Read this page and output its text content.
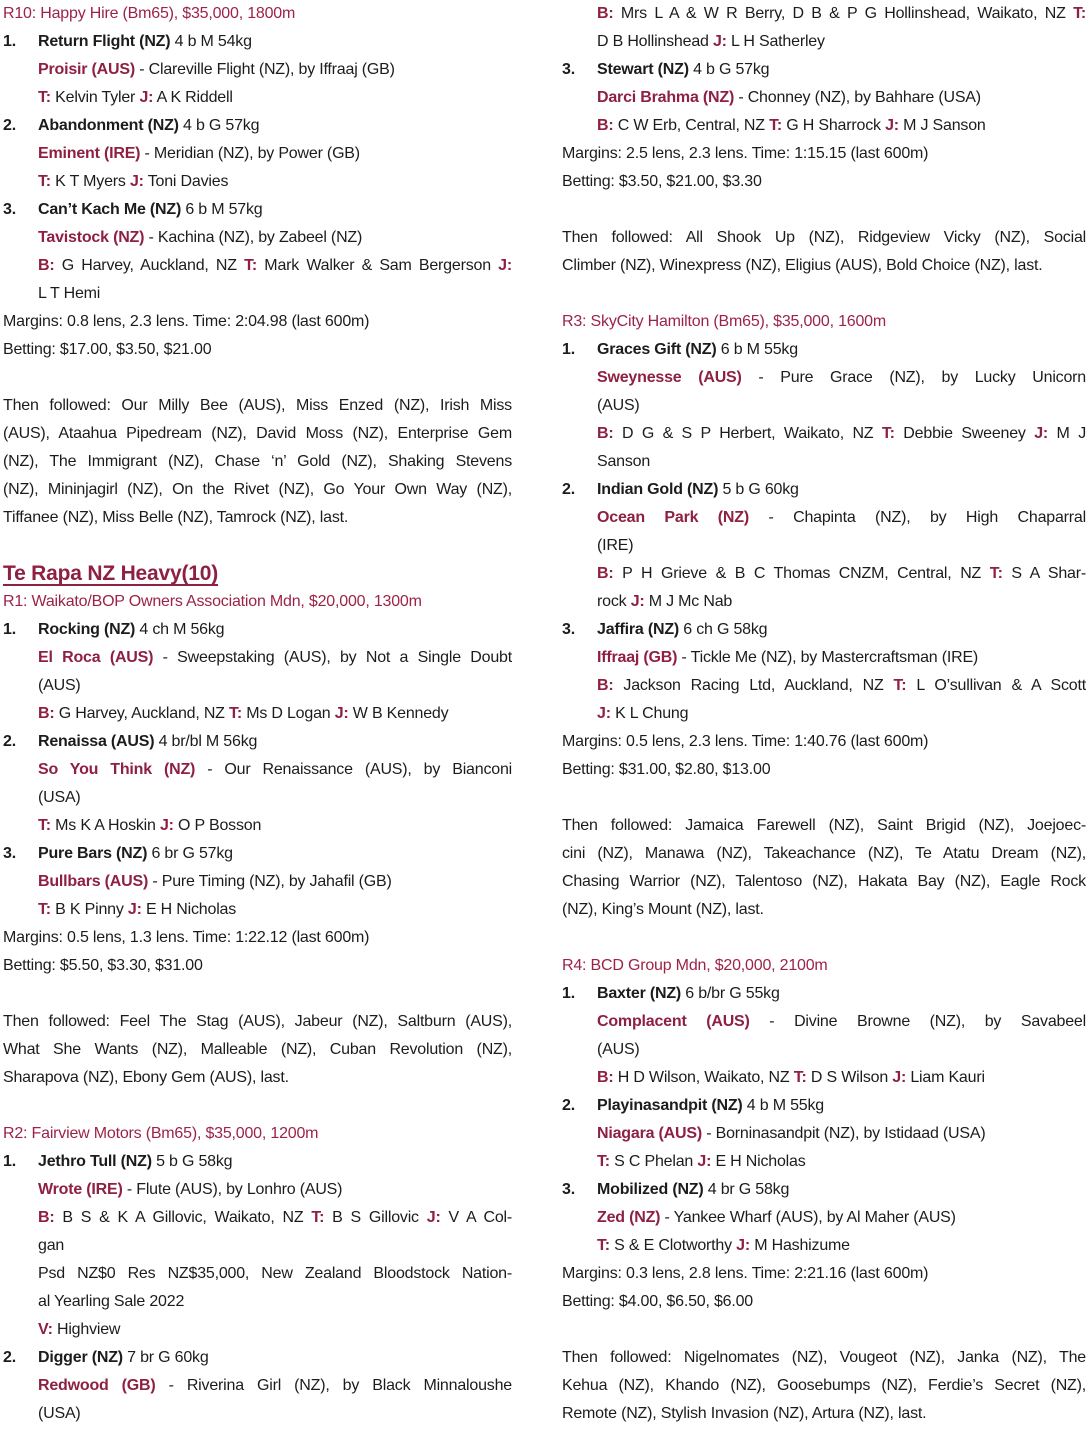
R10: Happy Hire (Bm65), $35,000, 1800m
1. Return Flight (NZ) 4 b M 54kg
Proisir (AUS) - Clareville Flight (NZ), by Iffraaj (GB)
T: Kelvin Tyler J: A K Riddell
2. Abandonment (NZ) 4 b G 57kg
Eminent (IRE) - Meridian (NZ), by Power (GB)
T: K T Myers J: Toni Davies
3. Can’t Kach Me (NZ) 6 b M 57kg
Tavistock (NZ) - Kachina (NZ), by Zabeel (NZ)
B: G Harvey, Auckland, NZ T: Mark Walker & Sam Bergerson J:
L T Hemi
Margins: 0.8 lens, 2.3 lens. Time: 2:04.98 (last 600m)
Betting: $17.00, $3.50, $21.00
Then followed: Our Milly Bee (AUS), Miss Enzed (NZ), Irish Miss
(AUS), Ataahua Pipedream (NZ), David Moss (NZ), Enterprise Gem
(NZ), The Immigrant (NZ), Chase ‘n’ Gold (NZ), Shaking Stevens
(NZ), Mininjagirl (NZ), On the Rivet (NZ), Go Your Own Way (NZ),
Tiffanee (NZ), Miss Belle (NZ), Tamrock (NZ), last.
Te Rapa NZ Heavy(10)
R1: Waikato/BOP Owners Association Mdn, $20,000, 1300m
1. Rocking (NZ) 4 ch M 56kg
El Roca (AUS) - Sweepstaking (AUS), by Not a Single Doubt
(AUS)
B: G Harvey, Auckland, NZ T: Ms D Logan J: W B Kennedy
2. Renaissa (AUS) 4 br/bl M 56kg
So You Think (NZ) - Our Renaissance (AUS), by Bianconi
(USA)
T: Ms K A Hoskin J: O P Bosson
3. Pure Bars (NZ) 6 br G 57kg
Bullbars (AUS) - Pure Timing (NZ), by Jahafil (GB)
T: B K Pinny J: E H Nicholas
Margins: 0.5 lens, 1.3 lens. Time: 1:22.12 (last 600m)
Betting: $5.50, $3.30, $31.00
Then followed: Feel The Stag (AUS), Jabeur (NZ), Saltburn (AUS),
What She Wants (NZ), Malleable (NZ), Cuban Revolution (NZ),
Sharapova (NZ), Ebony Gem (AUS), last.
R2: Fairview Motors (Bm65), $35,000, 1200m
1. Jethro Tull (NZ) 5 b G 58kg
Wrote (IRE) - Flute (AUS), by Lonhro (AUS)
B: B S & K A Gillovic, Waikato, NZ T: B S Gillovic J: V A Col-
gan
Psd NZ$0 Res NZ$35,000, New Zealand Bloodstock Nation-
al Yearling Sale 2022
V: Highview
2. Digger (NZ) 7 br G 60kg
Redwood (GB) - Riverina Girl (NZ), by Black Minnaloushe
(USA)
B: Mrs L A & W R Berry, D B & P G Hollinshead, Waikato, NZ T:
D B Hollinshead J: L H Satherley
3. Stewart (NZ) 4 b G 57kg
Darci Brahma (NZ) - Chonney (NZ), by Bahhare (USA)
B: C W Erb, Central, NZ T: G H Sharrock J: M J Sanson
Margins: 2.5 lens, 2.3 lens. Time: 1:15.15 (last 600m)
Betting: $3.50, $21.00, $3.30
Then followed: All Shook Up (NZ), Ridgeview Vicky (NZ), Social
Climber (NZ), Winexpress (NZ), Eligius (AUS), Bold Choice (NZ), last.
R3: SkyCity Hamilton (Bm65), $35,000, 1600m
1. Graces Gift (NZ) 6 b M 55kg
Sweynesse (AUS) - Pure Grace (NZ), by Lucky Unicorn
(AUS)
B: D G & S P Herbert, Waikato, NZ T: Debbie Sweeney J: M J
Sanson
2. Indian Gold (NZ) 5 b G 60kg
Ocean Park (NZ) - Chapinta (NZ), by High Chaparral
(IRE)
B: P H Grieve & B C Thomas CNZM, Central, NZ T: S A Shar-
rock J: M J Mc Nab
3. Jaffira (NZ) 6 ch G 58kg
Iffraaj (GB) - Tickle Me (NZ), by Mastercraftsman (IRE)
B: Jackson Racing Ltd, Auckland, NZ T: L O’sullivan & A Scott
J: K L Chung
Margins: 0.5 lens, 2.3 lens. Time: 1:40.76 (last 600m)
Betting: $31.00, $2.80, $13.00
Then followed: Jamaica Farewell (NZ), Saint Brigid (NZ), Joejoec-
cini (NZ), Manawa (NZ), Takeachance (NZ), Te Atatu Dream (NZ),
Chasing Warrior (NZ), Talentoso (NZ), Hakata Bay (NZ), Eagle Rock
(NZ), King’s Mount (NZ), last.
R4: BCD Group Mdn, $20,000, 2100m
1. Baxter (NZ) 6 b/br G 55kg
Complacent (AUS) - Divine Browne (NZ), by Savabeel
(AUS)
B: H D Wilson, Waikato, NZ T: D S Wilson J: Liam Kauri
2. Playinasandpit (NZ) 4 b M 55kg
Niagara (AUS) - Borninasandpit (NZ), by Istidaad (USA)
T: S C Phelan J: E H Nicholas
3. Mobilized (NZ) 4 br G 58kg
Zed (NZ) - Yankee Wharf (AUS), by Al Maher (AUS)
T: S & E Clotworthy J: M Hashizume
Margins: 0.3 lens, 2.8 lens. Time: 2:21.16 (last 600m)
Betting: $4.00, $6.50, $6.00
Then followed: Nigelnomates (NZ), Vougeot (NZ), Janka (NZ), The
Kehua (NZ), Khando (NZ), Goosebumps (NZ), Ferdie’s Secret (NZ),
Remote (NZ), Stylish Invasion (NZ), Artura (NZ), last.
